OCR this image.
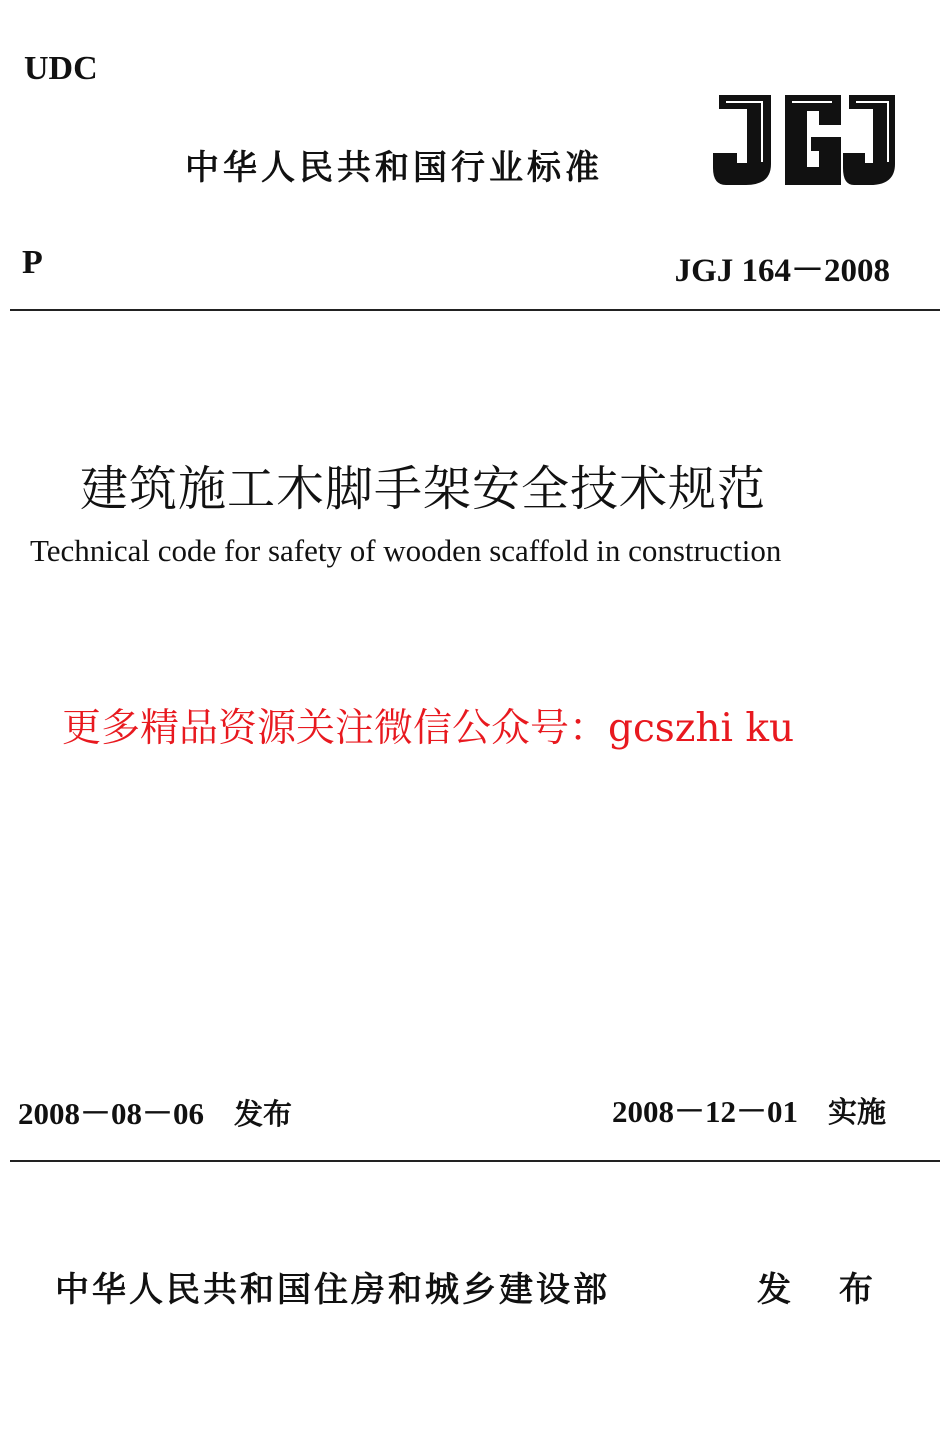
UDC
中华人民共和国行业标准
P	JGJ 164－2008
建筑施工木脚手架安全技术规范
Technical code for safety of wooden scaffold in construction
更多精品资源关注微信公众号：gcszhi ku
2008－08－06 发布	2008－12－01 实施
中华人民共和国住房和城乡建设部	发 布
